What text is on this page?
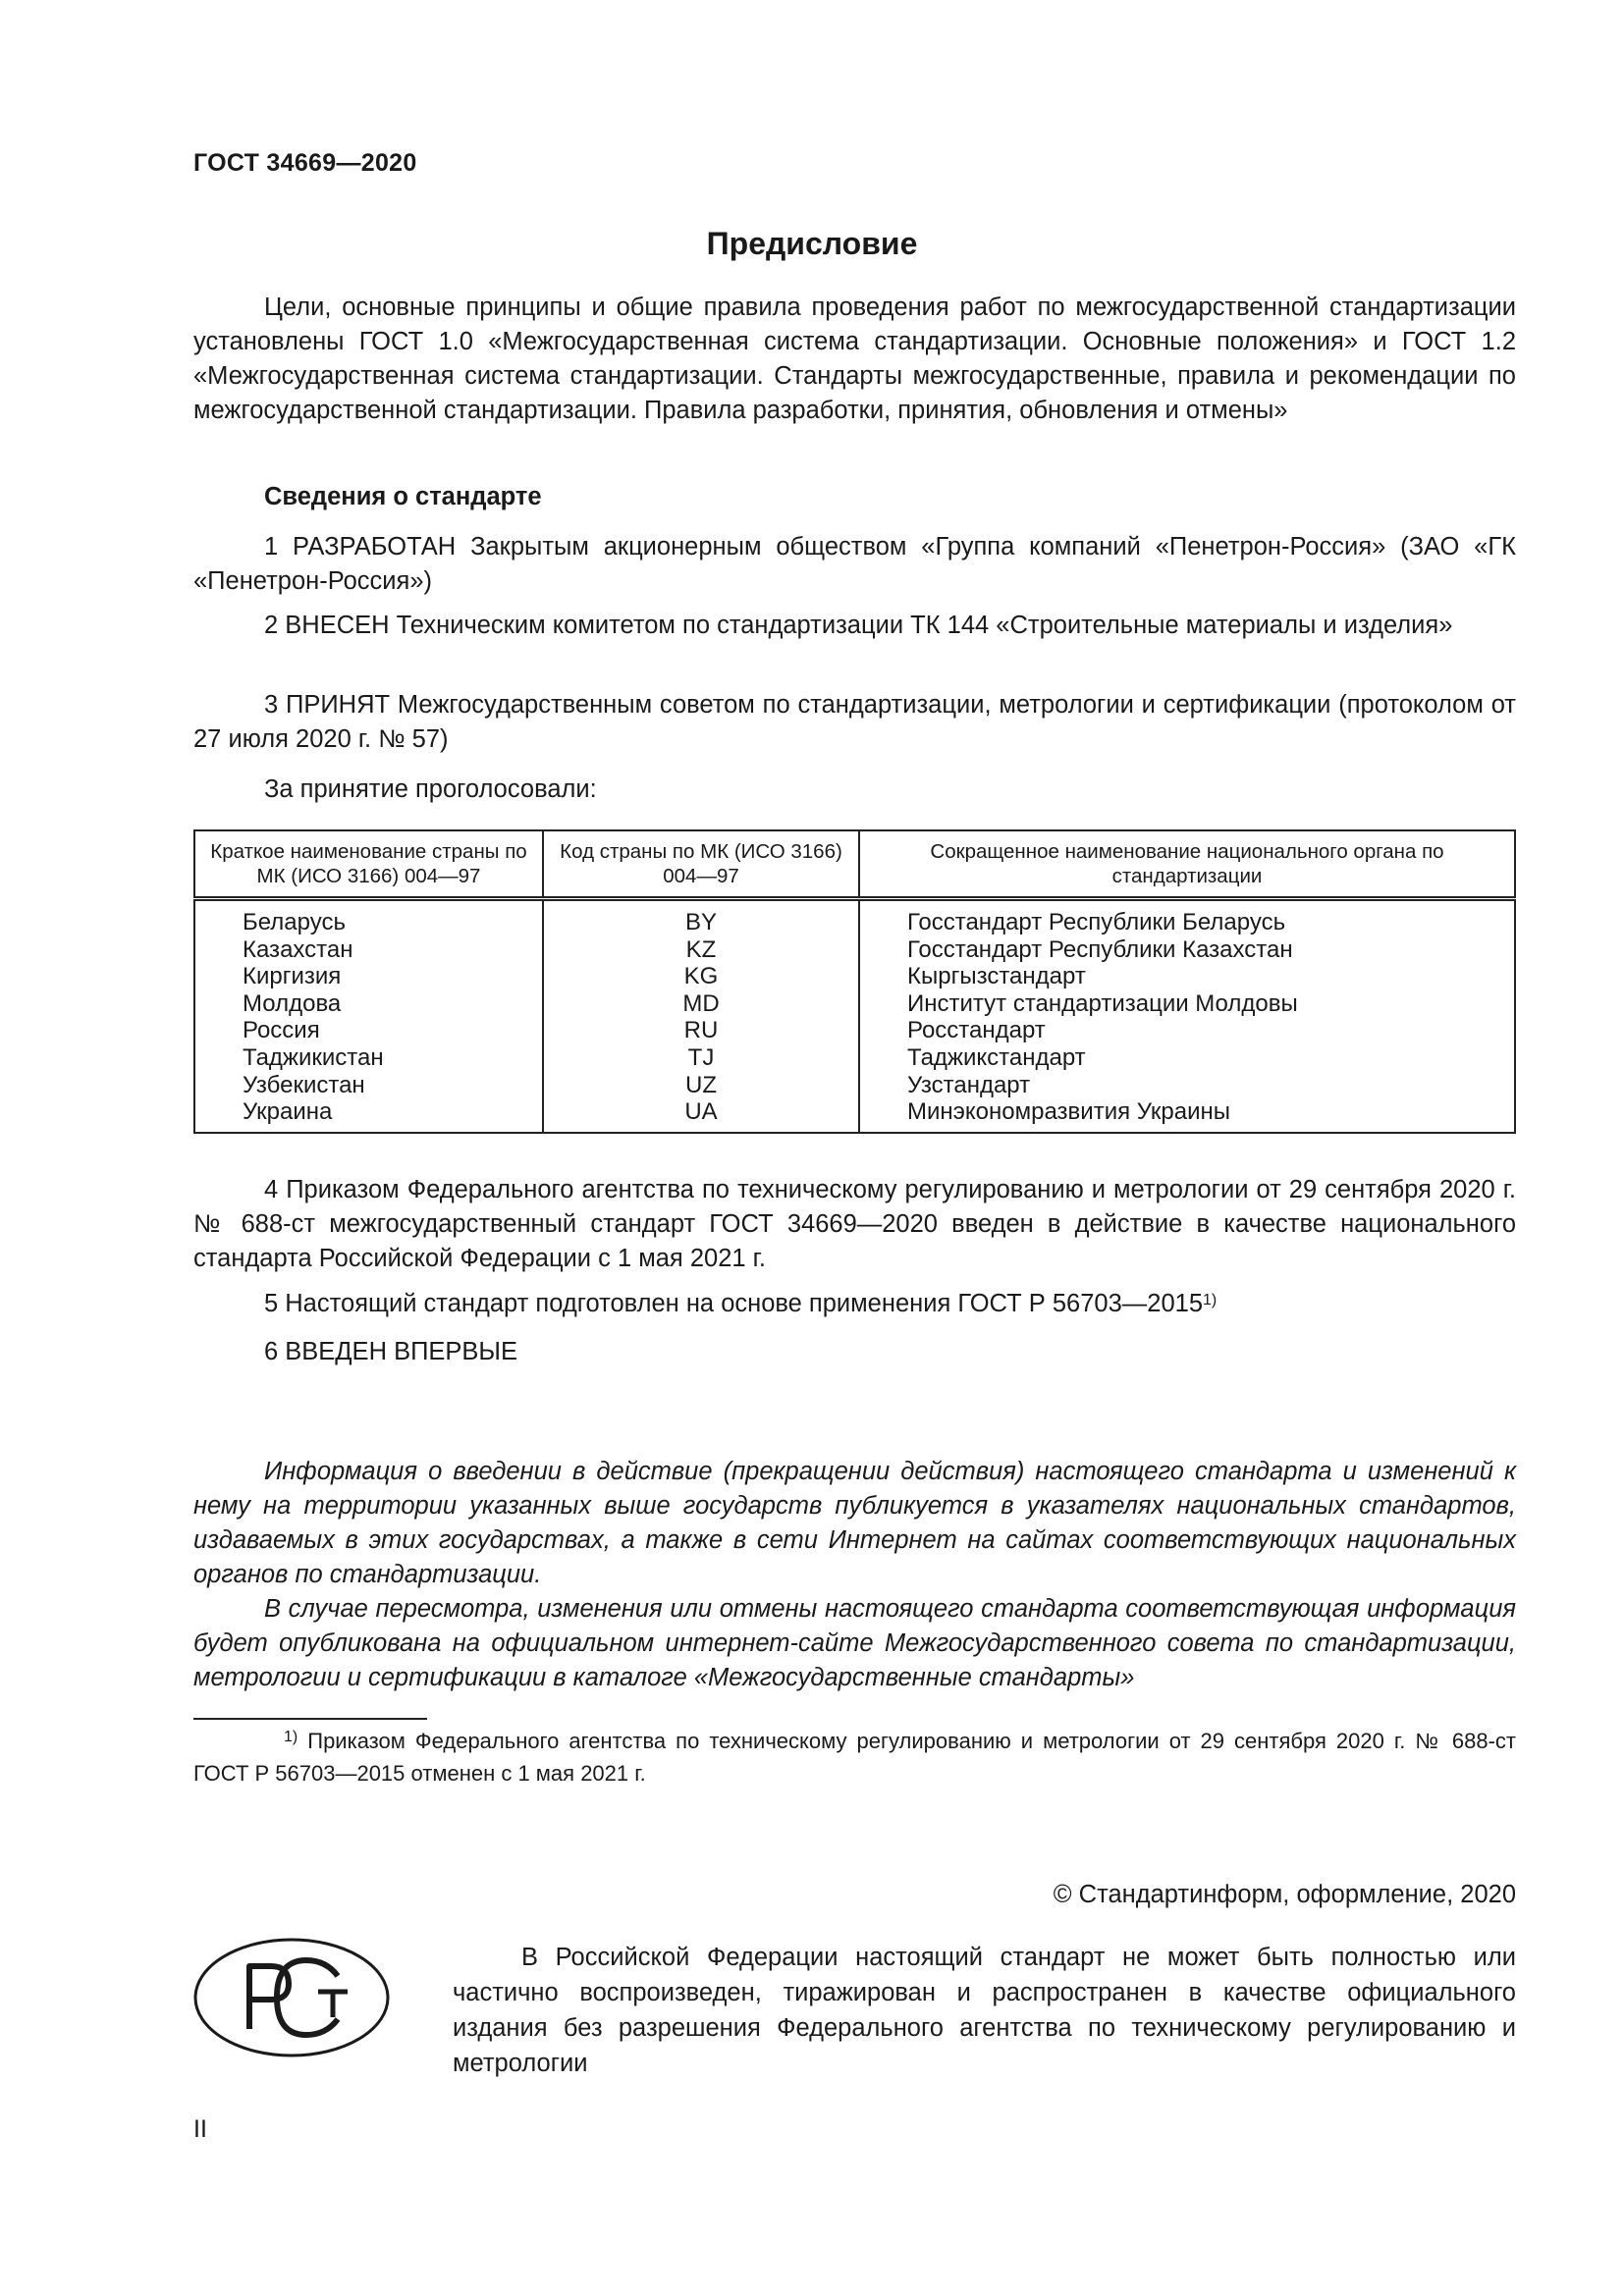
ГОСТ 34669—2020
Предисловие

Цели, основные принципы и общие правила проведения работ по межгосударственной стандартизации установлены ГОСТ 1.0 «Межгосударственная система стандартизации. Основные положения» и ГОСТ 1.2 «Межгосударственная система стандартизации. Стандарты межгосударственные, правила и рекомендации по межгосударственной стандартизации. Правила разработки, принятия, обновления и отмены»

Сведения о стандарте

1 РАЗРАБОТАН Закрытым акционерным обществом «Группа компаний «Пенетрон-Россия» (ЗАО «ГК «Пенетрон-Россия»)

2 ВНЕСЕН Техническим комитетом по стандартизации ТК 144 «Строительные материалы и изделия»

3 ПРИНЯТ Межгосударственным советом по стандартизации, метрологии и сертификации (протоколом от 27 июля 2020 г. № 57)

За принятие проголосовали:
Краткое наименование страны по МК (ИСО 3166) 004—97	Код страны по МК (ИСО 3166) 004—97	Сокращенное наименование национального органа по стандартизации
Беларусь	BY	Госстандарт Республики Беларусь
Казахстан	KZ	Госстандарт Республики Казахстан
Киргизия	KG	Кыргызстандарт
Молдова	MD	Институт стандартизации Молдовы
Россия	RU	Росстандарт
Таджикистан	TJ	Таджикстандарт
Узбекистан	UZ	Узстандарт
Украина	UA	Минэкономразвития Украины

4 Приказом Федерального агентства по техническому регулированию и метрологии от 29 сентября 2020 г. № 688-ст межгосударственный стандарт ГОСТ 34669—2020 введен в действие в качестве национального стандарта Российской Федерации с 1 мая 2021 г.

5 Настоящий стандарт подготовлен на основе применения ГОСТ Р 56703—2015$^{1)}$

6 ВВЕДЕН ВПЕРВЫЕ

Информация о введении в действие (прекращении действия) настоящего стандарта и изменений к нему на территории указанных выше государств публикуется в указателях национальных стандартов, издаваемых в этих государствах, а также в сети Интернет на сайтах соответствующих национальных органов по стандартизации.

В случае пересмотра, изменения или отмены настоящего стандарта соответствующая информация будет опубликована на официальном интернет-сайте Межгосударственного совета по стандартизации, метрологии и сертификации в каталоге «Межгосударственные стандарты»

$^{1)}$ Приказом Федерального агентства по техническому регулированию и метрологии от 29 сентября 2020 г. № 688-ст ГОСТ Р 56703—2015 отменен с 1 мая 2021 г.

© Стандартинформ, оформление, 2020

В Российской Федерации настоящий стандарт не может быть полностью или частично воспроизведен, тиражирован и распространен в качестве официального издания без разрешения Федерального агентства по техническому регулированию и метрологии

II
